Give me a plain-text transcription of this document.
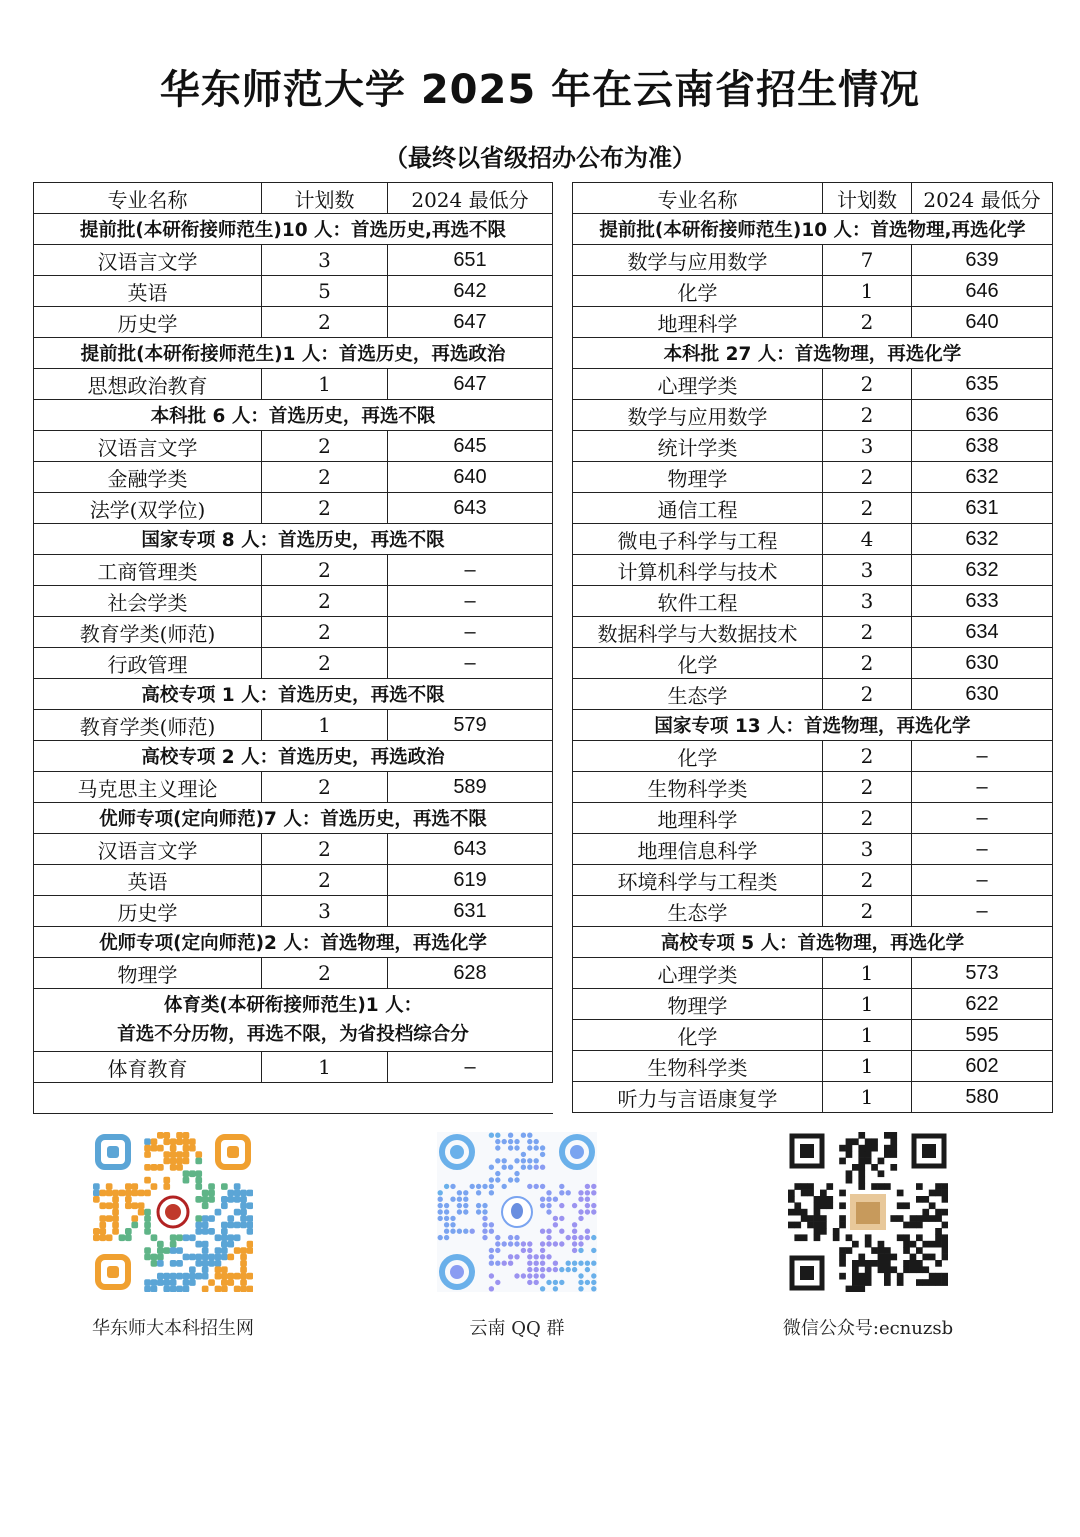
华东师范大学 2025 年在云南省招生情况
（最终以省级招办公布为准）
专业名称	计划数	2024 最低分

提前批(本研衔接师范生)10 人：首选历史,再选不限		

汉语言文学	3	651
英语	5	642
历史学	2	647

提前批(本研衔接师范生)1 人：首选历史，再选政治		

思想政治教育	1	647

本科批 6 人：首选历史，再选不限		

汉语言文学	2	645
金融学类	2	640
法学(双学位)	2	643

国家专项 8 人：首选历史，再选不限		

工商管理类	2	–
社会学类	2	–
教育学类(师范)	2	–
行政管理	2	–

高校专项 1 人：首选历史，再选不限		

教育学类(师范)	1	579

高校专项 2 人：首选历史，再选政治		

马克思主义理论	2	589

优师专项(定向师范)7 人：首选历史，再选不限		

汉语言文学	2	643
英语	2	619
历史学	3	631

优师专项(定向师范)2 人：首选物理，再选化学		

物理学	2	628

体育类(本研衔接师范生)1 人：
首选不分历物，再选不限，为省投档综合分		

体育教育	1	–

专业名称	计划数	2024 最低分

提前批(本研衔接师范生)10 人：首选物理,再选化学		

数学与应用数学	7	639
化学	1	646
地理科学	2	640

本科批 27 人：首选物理，再选化学		

心理学类	2	635
数学与应用数学	2	636
统计学类	3	638
物理学	2	632
通信工程	2	631
微电子科学与工程	4	632
计算机科学与技术	3	632
软件工程	3	633
数据科学与大数据技术	2	634
化学	2	630
生态学	2	630

国家专项 13 人：首选物理，再选化学		

化学	2	–
生物科学类	2	–
地理科学	2	–
地理信息科学	3	–
环境科学与工程类	2	–
生态学	2	–

高校专项 5 人：首选物理，再选化学		

心理学类	1	573
物理学	1	622
化学	1	595
生物科学类	1	602
听力与言语康复学	1	580
华东师大本科招生网	云南 QQ 群	微信公众号:ecnuzsb
